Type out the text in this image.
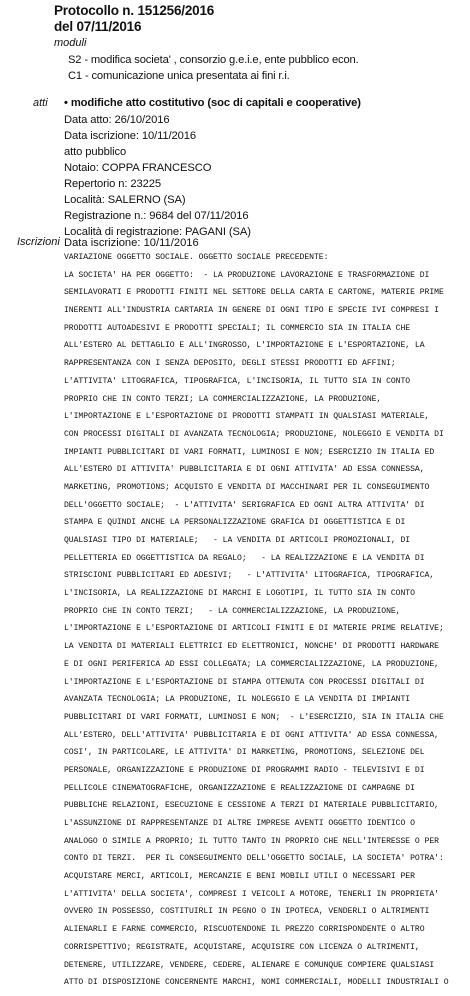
Protocollo n. 151256/2016
del 07/11/2016
moduli
S2 - modifica societa' , consorzio g.e.i.e, ente pubblico econ.
C1 - comunicazione unica presentata ai fini r.i.
atti • modifiche atto costitutivo (soc di capitali e cooperative)
Data atto: 26/10/2016
Data iscrizione: 10/11/2016
atto pubblico
Notaio: COPPA FRANCESCO
Repertorio n: 23225
Località: SALERNO (SA)
Registrazione n.: 9684 del 07/11/2016
Località di registrazione: PAGANI (SA)
Iscrizioni Data iscrizione: 10/11/2016
VARIAZIONE OGGETTO SOCIALE. OGGETTO SOCIALE PRECEDENTE:
LA SOCIETA' HA PER OGGETTO:  - LA PRODUZIONE LAVORAZIONE E TRASFORMAZIONE DI
SEMILAVORATI E PRODOTTI FINITI NEL SETTORE DELLA CARTA E CARTONE, MATERIE PRIME
INERENTI ALL'INDUSTRIA CARTARIA IN GENERE DI OGNI TIPO E SPECIE IVI COMPRESI I
PRODOTTI AUTOADESIVI E PRODOTTI SPECIALI; IL COMMERCIO SIA IN ITALIA CHE
ALL'ESTERO AL DETTAGLIO E ALL'INGROSSO, L'IMPORTAZIONE E L'ESPORTAZIONE, LA
RAPPRESENTANZA CON I SENZA DEPOSITO, DEGLI STESSI PRODOTTI ED AFFINI;
L'ATTIVITA' LITOGRAFICA, TIPOGRAFICA, L'INCISORIA, IL TUTTO SIA IN CONTO
PROPRIO CHE IN CONTO TERZI; LA COMMERCIALIZZAZIONE, LA PRODUZIONE,
L'IMPORTAZIONE E L'ESPORTAZIONE DI PRODOTTI STAMPATI IN QUALSIASI MATERIALE,
CON PROCESSI DIGITALI DI AVANZATA TECNOLOGIA; PRODUZIONE, NOLEGGIO E VENDITA DI
IMPIANTI PUBBLICITARI DI VARI FORMATI, LUMINOSI E NON; ESERCIZIO IN ITALIA ED
ALL'ESTERO DI ATTIVITA' PUBBLICITARIA E DI OGNI ATTIVITA' AD ESSA CONNESSA,
MARKETING, PROMOTIONS; ACQUISTO E VENDITA DI MACCHINARI PER IL CONSEGUIMENTO
DELL'OGGETTO SOCIALE;  - L'ATTIVITA' SERIGRAFICA ED OGNI ALTRA ATTIVITA' DI
STAMPA E QUINDI ANCHE LA PERSONALIZZAZIONE GRAFICA DI OGGETTISTICA E DI
QUALSIASI TIPO DI MATERIALE;   - LA VENDITA DI ARTICOLI PROMOZIONALI, DI
PELLETTERIA ED OGGETTISTICA DA REGALO;   - LA REALIZZAZIONE E LA VENDITA DI
STRISCIONI PUBBLICITARI ED ADESIVI;   - L'ATTIVITA' LITOGRAFICA, TIPOGRAFICA,
L'INCISORIA, LA REALIZZAZIONE DI MARCHI E LOGOTIPI, IL TUTTO SIA IN CONTO
PROPRIO CHE IN CONTO TERZI;   - LA COMMERCIALIZZAZIONE, LA PRODUZIONE,
L'IMPORTAZIONE E L'ESPORTAZIONE DI ARTICOLI FINITI E DI MATERIE PRIME RELATIVE;
LA VENDITA DI MATERIALI ELETTRICI ED ELETTRONICI, NONCHE' DI PRODOTTI HARDWARE
E DI OGNI PERIFERICA AD ESSI COLLEGATA; LA COMMERCIALIZZAZIONE, LA PRODUZIONE,
L'IMPORTAZIONE E L'ESPORTAZIONE DI STAMPA OTTENUTA CON PROCESSI DIGITALI DI
AVANZATA TECNOLOGIA; LA PRODUZIONE, IL NOLEGGIO E LA VENDITA DI IMPIANTI
PUBBLICITARI DI VARI FORMATI, LUMINOSI E NON;  - L'ESERCIZIO, SIA IN ITALIA CHE
ALL'ESTERO, DELL'ATTIVITA' PUBBLICITARIA E DI OGNI ATTIVITA' AD ESSA CONNESSA,
COSI', IN PARTICOLARE, LE ATTIVITA' DI MARKETING, PROMOTIONS, SELEZIONE DEL
PERSONALE, ORGANIZZAZIONE E PRODUZIONE DI PROGRAMMI RADIO - TELEVISIVI E DI
PELLICOLE CINEMATOGRAFICHE, ORGANIZZAZIONE E REALIZZAZIONE DI CAMPAGNE DI
PUBBLICHE RELAZIONI, ESECUZIONE E CESSIONE A TERZI DI MATERIALE PUBBLICITARIO,
L'ASSUNZIONE DI RAPPRESENTANZE DI ALTRE IMPRESE AVENTI OGGETTO IDENTICO O
ANALOGO O SIMILE A PROPRIO; IL TUTTO TANTO IN PROPRIO CHE NELL'INTERESSE O PER
CONTO DI TERZI.  PER IL CONSEGUIMENTO DELL'OGGETTO SOCIALE, LA SOCIETA' POTRA':
ACQUISTARE MERCI, ARTICOLI, MERCANZIE E BENI MOBILI UTILI O NECESSARI PER
L'ATTIVITA' DELLA SOCIETA', COMPRESI I VEICOLI A MOTORE, TENERLI IN PROPRIETA'
OVVERO IN POSSESSO, COSTITUIRLI IN PEGNO O IN IPOTECA, VENDERLI O ALTRIMENTI
ALIENARLI E FARNE COMMERCIO, RISCUOTENDONE IL PREZZO CORRISPONDENTE O ALTRO
CORRISPETTIVO; REGISTRATE, ACQUISTARE, ACQUISIRE CON LICENZA O ALTRIMENTI,
DETENERE, UTILIZZARE, VENDERE, CEDERE, ALIENARE E COMUNQUE COMPIERE QUALSIASI
ATTO DI DISPOSIZIONE CONCERNENTE MARCHI, NOMI COMMERCIALI, MODELLI INDUSTRIALI O
